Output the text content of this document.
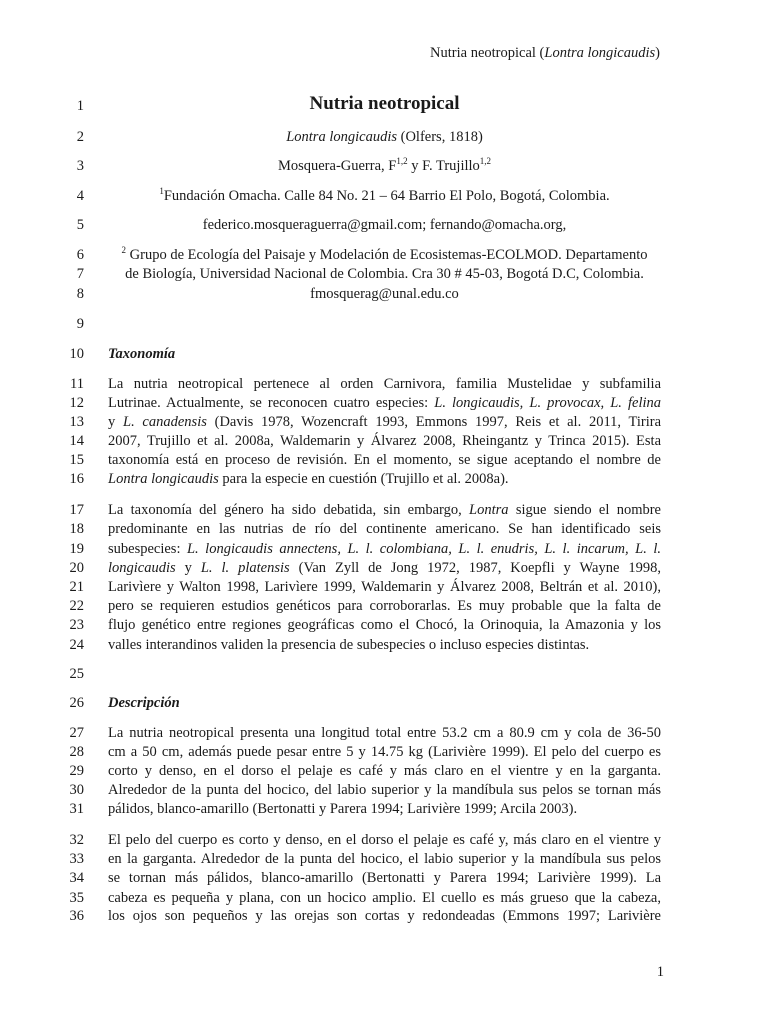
Nutria neotropical (Lontra longicaudis)
1	Nutria neotropical
2	Lontra longicaudis (Olfers, 1818)
3	Mosquera-Guerra, F$^{1,2}$ y F. Trujillo$^{1,2}$
4	$^1$Fundación Omacha. Calle 84 No. 21 – 64 Barrio El Polo, Bogotá, Colombia.
5	federico.mosqueraguerra@gmail.com; fernando@omacha.org,
6	$^2$ Grupo de Ecología del Paisaje y Modelación de Ecosistemas-ECOLMOD. Departamento
7	de Biología, Universidad Nacional de Colombia. Cra 30 # 45-03, Bogotá D.C, Colombia.
8	fmosquerag@unal.edu.co
9
10 Taxonomía
11 La nutria neotropical pertenece al orden Carnivora, familia Mustelidae y subfamilia
12 Lutrinae. Actualmente, se reconocen cuatro especies: L. longicaudis, L. provocax, L. felina
13 y L. canadensis (Davis 1978, Wozencraft 1993, Emmons 1997, Reis et al. 2011, Tirira
14 2007, Trujillo et al. 2008a, Waldemarin y Álvarez 2008, Rheingantz y Trinca 2015). Esta
15 taxonomía está en proceso de revisión. En el momento, se sigue aceptando el nombre de
16 Lontra longicaudis para la especie en cuestión (Trujillo et al. 2008a).
17 La taxonomía del género ha sido debatida, sin embargo, Lontra sigue siendo el nombre
18 predominante en las nutrias de río del continente americano. Se han identificado seis
19 subespecies: L. longicaudis annectens, L. l. colombiana, L. l. enudris, L. l. incarum, L. l.
20 longicaudis y L. l. platensis (Van Zyll de Jong 1972, 1987, Koepfli y Wayne 1998,
21 Larivìere y Walton 1998, Larivìere 1999, Waldemarin y Álvarez 2008, Beltrán et al. 2010),
22 pero se requieren estudios genéticos para corroborarlas. Es muy probable que la falta de
23 flujo genético entre regiones geográficas como el Chocó, la Orinoquia, la Amazonia y los
24 valles interandinos validen la presencia de subespecies o incluso especies distintas.
25
26 Descripción
27 La nutria neotropical presenta una longitud total entre 53.2 cm a 80.9 cm y cola de 36-50
28 cm a 50 cm, además puede pesar entre 5 y 14.75 kg (Larivière 1999). El pelo del cuerpo es
29 corto y denso, en el dorso el pelaje es café y más claro en el vientre y en la garganta.
30 Alrededor de la punta del hocico, del labio superior y la mandíbula sus pelos se tornan más
31 pálidos, blanco-amarillo (Bertonatti y Parera 1994; Larivière 1999; Arcila 2003).
32 El pelo del cuerpo es corto y denso, en el dorso el pelaje es café y, más claro en el vientre y
33 en la garganta. Alrededor de la punta del hocico, el labio superior y la mandíbula sus pelos
34 se tornan más pálidos, blanco-amarillo (Bertonatti y Parera 1994; Larivière 1999). La
35 cabeza es pequeña y plana, con un hocico amplio. El cuello es más grueso que la cabeza,
36 los ojos son pequeños y las orejas son cortas y redondeadas (Emmons 1997; Larivière
1
